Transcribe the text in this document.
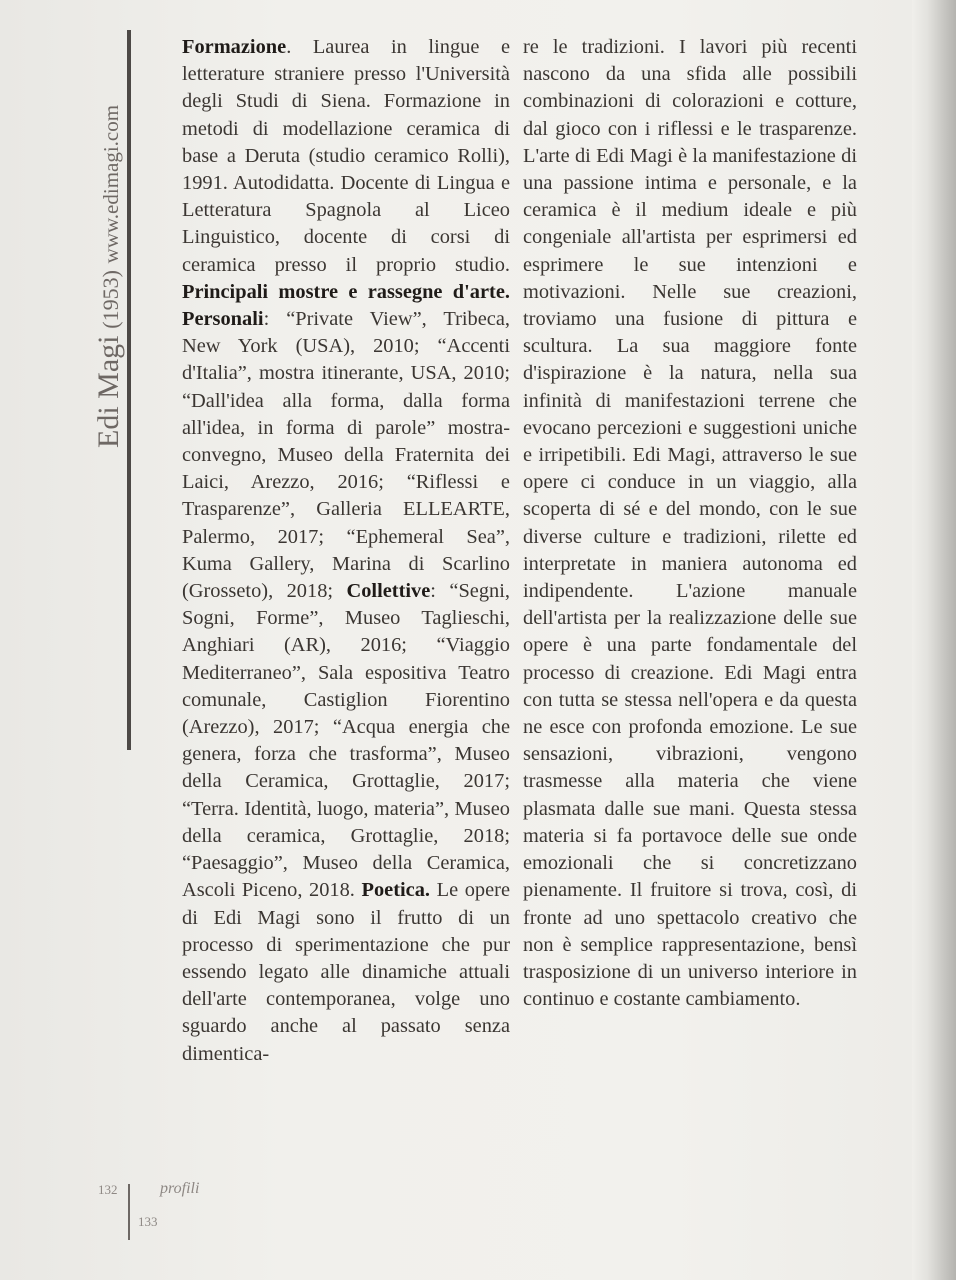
Edi Magi (1953) www.edimagi.com

Formazione. Laurea in lingue e letterature straniere presso l'Università degli Studi di Siena. Formazione in metodi di modellazione ceramica di base a Deruta (studio ceramico Rolli), 1991. Autodidatta. Docente di Lingua e Letteratura Spagnola al Liceo Linguistico, docente di corsi di ceramica presso il proprio studio. Principali mostre e rassegne d'arte. Personali: “Private View”, Tribeca, New York (USA), 2010; “Accenti d'Italia”, mostra itinerante, USA, 2010; “Dall'idea alla forma, dalla forma all'idea, in forma di parole” mostra-convegno, Museo della Fraternita dei Laici, Arezzo, 2016; “Riflessi e Trasparenze”, Galleria ELLEARTE, Palermo, 2017; “Ephemeral Sea”, Kuma Gallery, Marina di Scarlino (Grosseto), 2018; Collettive: “Segni, Sogni, Forme”, Museo Taglieschi, Anghiari (AR), 2016; “Viaggio Mediterraneo”, Sala espositiva Teatro comunale, Castiglion Fiorentino (Arezzo), 2017; “Acqua energia che genera, forza che trasforma”, Museo della Ceramica, Grottaglie, 2017; “Terra. Identità, luogo, materia”, Museo della ceramica, Grottaglie, 2018; “Paesaggio”, Museo della Ceramica, Ascoli Piceno, 2018. Poetica. Le opere di Edi Magi sono il frutto di un processo di sperimentazione che pur essendo legato alle dinamiche attuali dell'arte contemporanea, volge uno sguardo anche al passato senza dimentica-

re le tradizioni. I lavori più recenti nascono da una sfida alle possibili combinazioni di colorazioni e cotture, dal gioco con i riflessi e le trasparenze. L'arte di Edi Magi è la manifestazione di una passione intima e personale, e la ceramica è il medium ideale e più congeniale all'artista per esprimersi ed esprimere le sue intenzioni e motivazioni. Nelle sue creazioni, troviamo una fusione di pittura e scultura. La sua maggiore fonte d'ispirazione è la natura, nella sua infinità di manifestazioni terrene che evocano percezioni e suggestioni uniche e irripetibili. Edi Magi, attraverso le sue opere ci conduce in un viaggio, alla scoperta di sé e del mondo, con le sue diverse culture e tradizioni, rilette ed interpretate in maniera autonoma ed indipendente. L'azione manuale dell'artista per la realizzazione delle sue opere è una parte fondamentale del processo di creazione. Edi Magi entra con tutta se stessa nell'opera e da questa ne esce con profonda emozione. Le sue sensazioni, vibrazioni, vengono trasmesse alla materia che viene plasmata dalle sue mani. Questa stessa materia si fa portavoce delle sue onde emozionali che si concretizzano pienamente. Il fruitore si trova, così, di fronte ad uno spettacolo creativo che non è semplice rappresentazione, bensì trasposizione di un universo interiore in continuo e costante cambiamento.

132
133
profili
